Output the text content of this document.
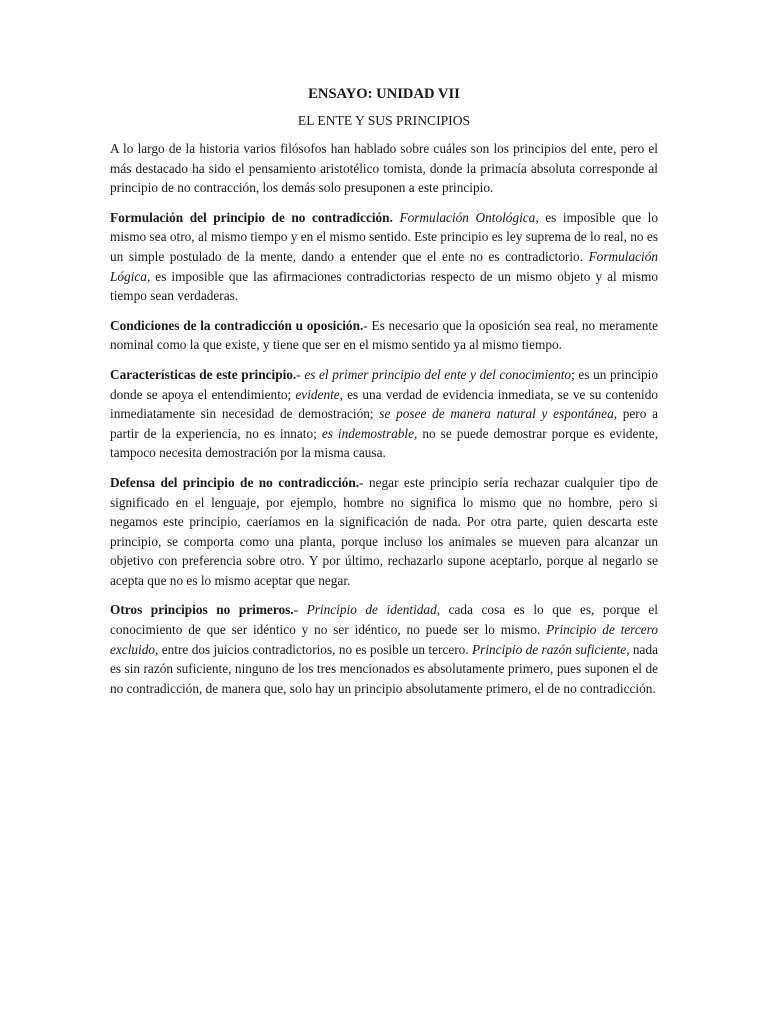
ENSAYO: UNIDAD VII
EL ENTE Y SUS PRINCIPIOS

A lo largo de la historia varios filósofos han hablado sobre cuáles son los principios del ente, pero el más destacado ha sido el pensamiento aristotélico tomista, donde la primacía absoluta corresponde al principio de no contracción, los demás solo presuponen a este principio.

Formulación del principio de no contradicción. Formulación Ontológica, es imposible que lo mismo sea otro, al mismo tiempo y en el mismo sentido. Este principio es ley suprema de lo real, no es un simple postulado de la mente, dando a entender que el ente no es contradictorio. Formulación Lógica, es imposible que las afirmaciones contradictorias respecto de un mismo objeto y al mismo tiempo sean verdaderas.

Condiciones de la contradicción u oposición.- Es necesario que la oposición sea real, no meramente nominal como la que existe, y tiene que ser en el mismo sentido ya al mismo tiempo.

Características de este principio.- es el primer principio del ente y del conocimiento; es un principio donde se apoya el entendimiento; evidente, es una verdad de evidencia inmediata, se ve su contenido inmediatamente sin necesidad de demostración; se posee de manera natural y espontánea, pero a partir de la experiencia, no es innato; es indemostrable, no se puede demostrar porque es evidente, tampoco necesita demostración por la misma causa.

Defensa del principio de no contradicción.- negar este principio sería rechazar cualquier tipo de significado en el lenguaje, por ejemplo, hombre no significa lo mismo que no hombre, pero si negamos este principio, caeríamos en la significación de nada. Por otra parte, quien descarta este principio, se comporta como una planta, porque incluso los animales se mueven para alcanzar un objetivo con preferencia sobre otro. Y por último, rechazarlo supone aceptarlo, porque al negarlo se acepta que no es lo mismo aceptar que negar.

Otros principios no primeros.- Principio de identidad, cada cosa es lo que es, porque el conocimiento de que ser idéntico y no ser idéntico, no puede ser lo mismo. Principio de tercero excluido, entre dos juicios contradictorios, no es posible un tercero. Principio de razón suficiente, nada es sin razón suficiente, ninguno de los tres mencionados es absolutamente primero, pues suponen el de no contradicción, de manera que, solo hay un principio absolutamente primero, el de no contradicción.
